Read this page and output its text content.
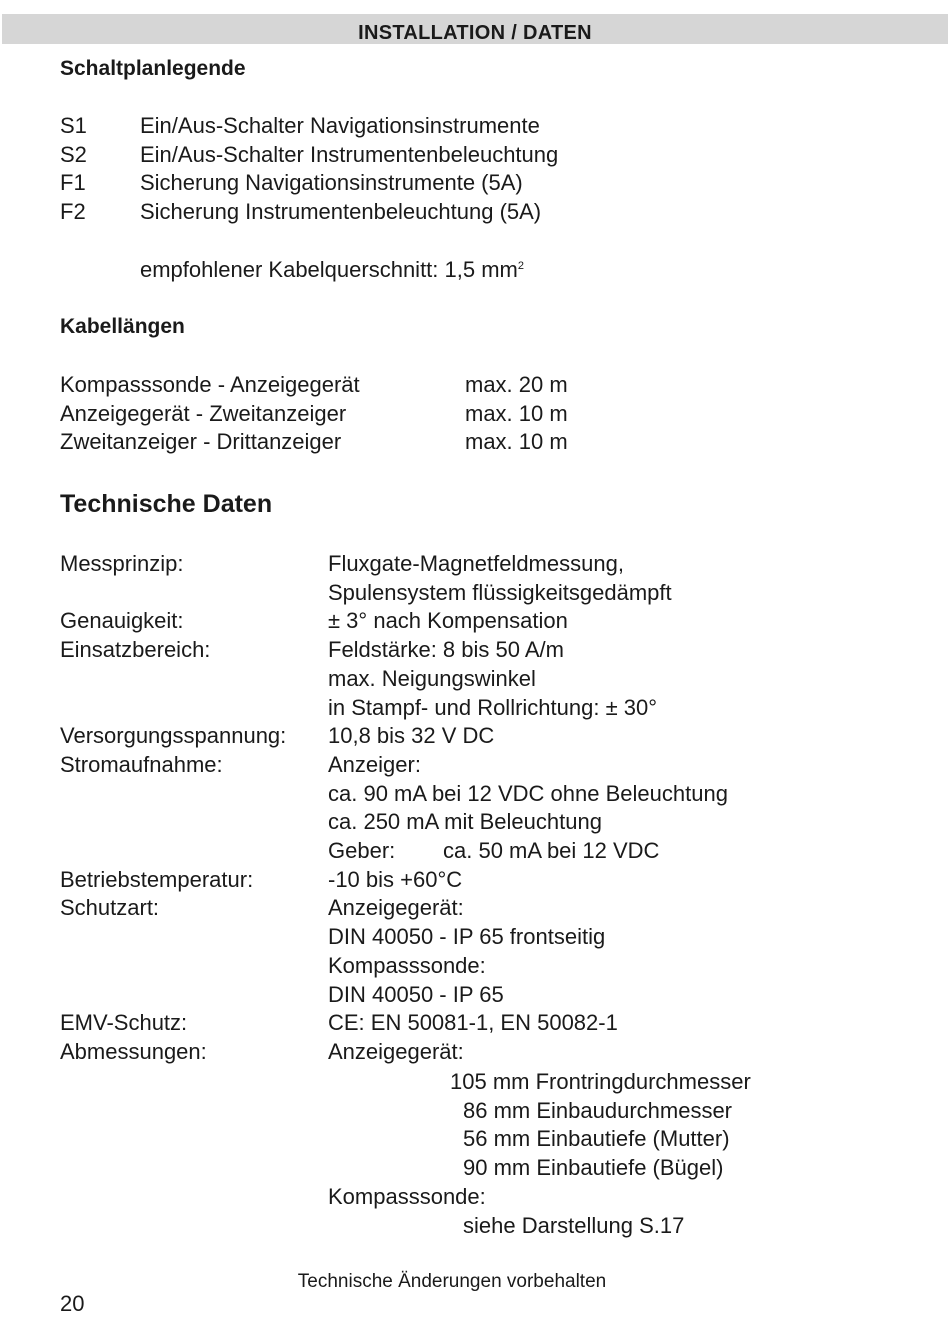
INSTALLATION / DATEN
Schaltplanlegende
S1 Ein/Aus-Schalter Navigationsinstrumente
S2 Ein/Aus-Schalter Instrumentenbeleuchtung
F1 Sicherung Navigationsinstrumente (5A)
F2 Sicherung Instrumentenbeleuchtung (5A)
empfohlener Kabelquerschnitt: 1,5 $mm^2$
Kabellängen
Kompasssonde - Anzeigegerät	max. 20 m
Anzeigegerät - Zweitanzeiger	max. 10 m
Zweitanzeiger - Drittanzeiger	max. 10 m
Technische Daten
Messprinzip:	Fluxgate-Magnetfeldmessung,
Spulensystem flüssigkeitsgedämpft
Genauigkeit:	± 3° nach Kompensation
Einsatzbereich:	Feldstärke: 8 bis 50 A/m
max. Neigungswinkel
in Stampf- und Rollrichtung: ± 30°
Versorgungsspannung: 10,8 bis 32 V DC
Stromaufnahme:	Anzeiger:
ca. 90 mA bei 12 VDC ohne Beleuchtung
ca. 250 mA mit Beleuchtung
Geber: ca. 50 mA bei 12 VDC
Betriebstemperatur:	-10 bis +60°C
Schutzart:	Anzeigegerät:
DIN 40050 - IP 65 frontseitig
Kompasssonde:
DIN 40050 - IP 65
EMV-Schutz:	CE: EN 50081-1, EN 50082-1
Abmessungen:	Anzeigegerät:
105 mm Frontringdurchmesser
86 mm Einbaudurchmesser
56 mm Einbautiefe (Mutter)
90 mm Einbautiefe (Bügel)
Kompasssonde:
siehe Darstellung S.17
Technische Änderungen vorbehalten
20
